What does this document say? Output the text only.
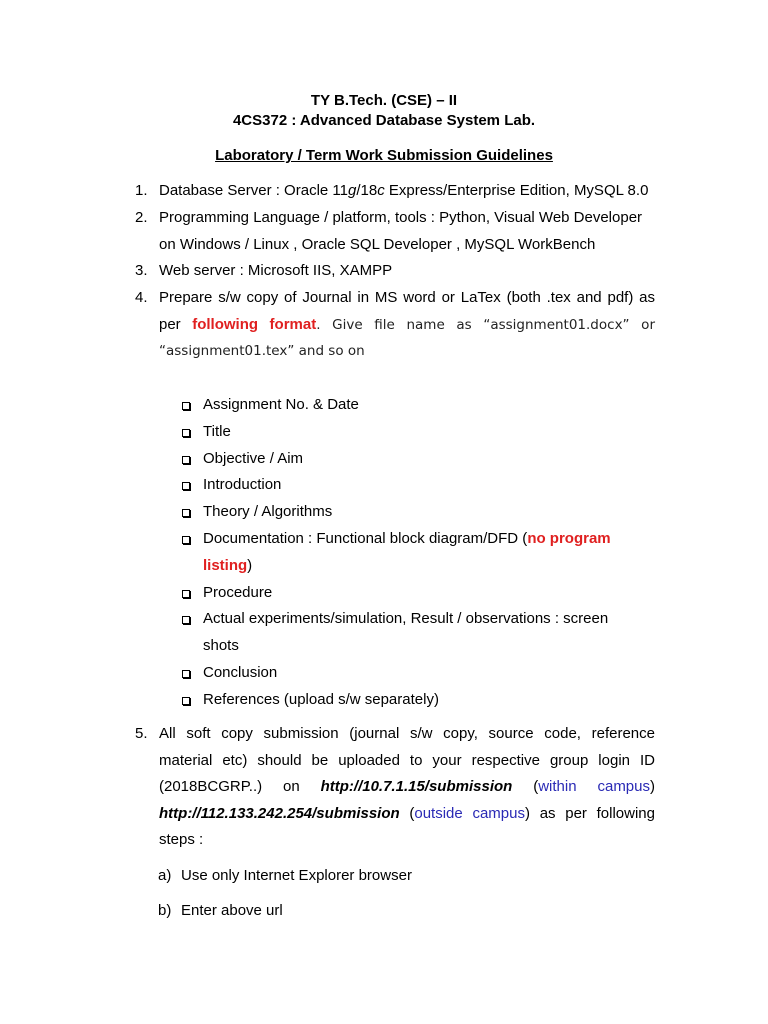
TY B.Tech. (CSE) – II
4CS372 : Advanced Database System Lab.
Laboratory / Term Work Submission Guidelines
1. Database Server : Oracle 11g/18c Express/Enterprise Edition, MySQL 8.0
2. Programming Language / platform, tools : Python, Visual Web Developer
on Windows / Linux , Oracle SQL Developer , MySQL WorkBench
3. Web server : Microsoft IIS, XAMPP
4. Prepare s/w copy of Journal in MS word or LaTex (both .tex and pdf) as
per following format. Give file name as “assignment01.docx” or
“assignment01.tex” and so on
Assignment No. & Date
Title
Objective / Aim
Introduction
Theory / Algorithms
Documentation : Functional block diagram/DFD (no program
listing)
Procedure
Actual experiments/simulation, Result / observations : screen shots
Conclusion
References (upload s/w separately)
5. All soft copy submission (journal s/w copy, source code, reference
material etc) should be uploaded to your respective group login ID
(2018BCGRP..) on http://10.7.1.15/submission (within campus)
http://112.133.242.254/submission (outside campus) as per following
steps :
a) Use only Internet Explorer browser
b) Enter above url
